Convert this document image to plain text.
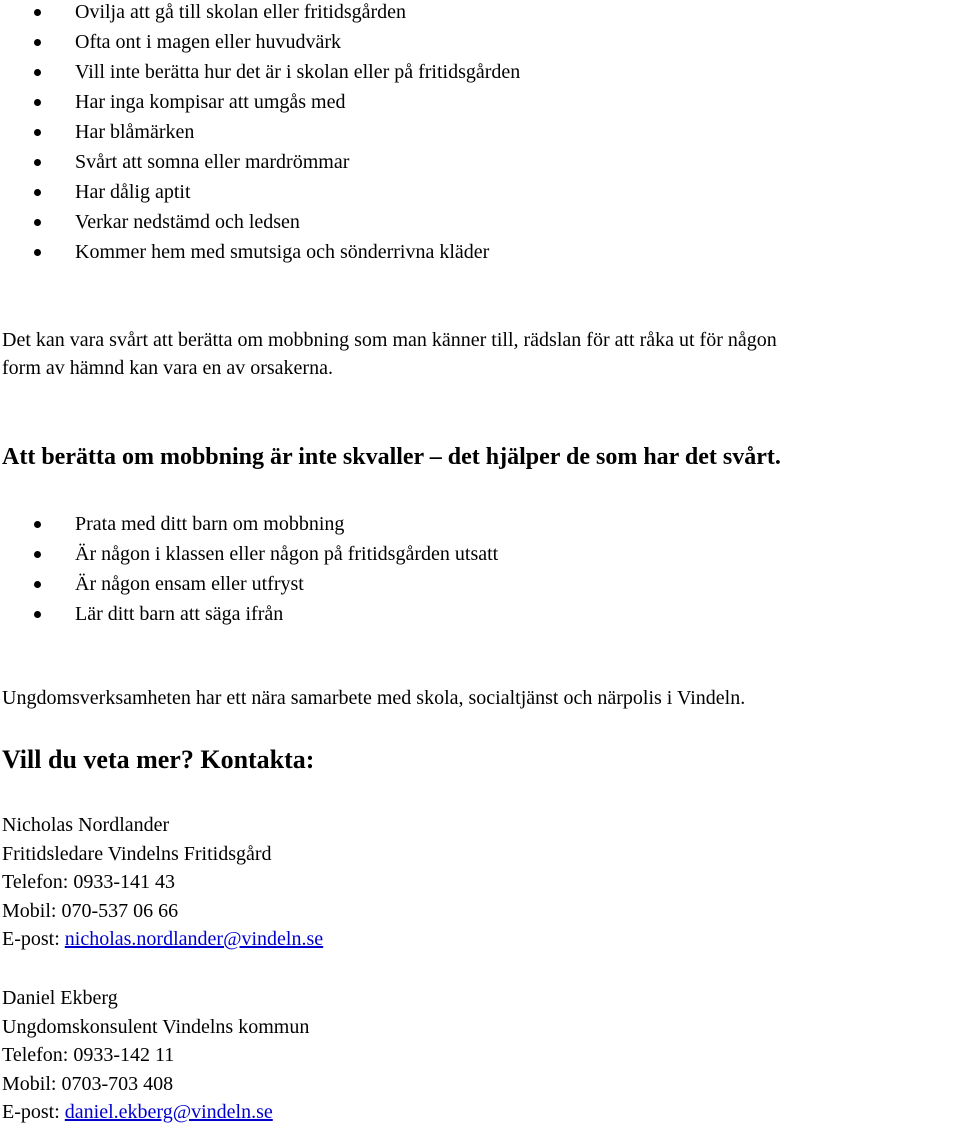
Ovilja att gå till skolan eller fritidsgården
Ofta ont i magen eller huvudvärk
Vill inte berätta hur det är i skolan eller på fritidsgården
Har inga kompisar att umgås med
Har blåmärken
Svårt att somna eller mardrömmar
Har dålig aptit
Verkar nedstämd och ledsen
Kommer hem med smutsiga och sönderrivna kläder
Det kan vara svårt att berätta om mobbning som man känner till, rädslan för att råka ut för någon
form av hämnd kan vara en av orsakerna.
Att berätta om mobbning är inte skvaller – det hjälper de som har det svårt.
Prata med ditt barn om mobbning
Är någon i klassen eller någon på fritidsgården utsatt
Är någon ensam eller utfryst
Lär ditt barn att säga ifrån
Ungdomsverksamheten har ett nära samarbete med skola, socialtjänst och närpolis i Vindeln.
Vill du veta mer? Kontakta:
Nicholas Nordlander
Fritidsledare Vindelns Fritidsgård
Telefon: 0933-141 43
Mobil: 070-537 06 66
E-post: nicholas.nordlander@vindeln.se
Daniel Ekberg
Ungdomskonsulent Vindelns kommun
Telefon: 0933-142 11
Mobil: 0703-703 408
E-post: daniel.ekberg@vindeln.se
